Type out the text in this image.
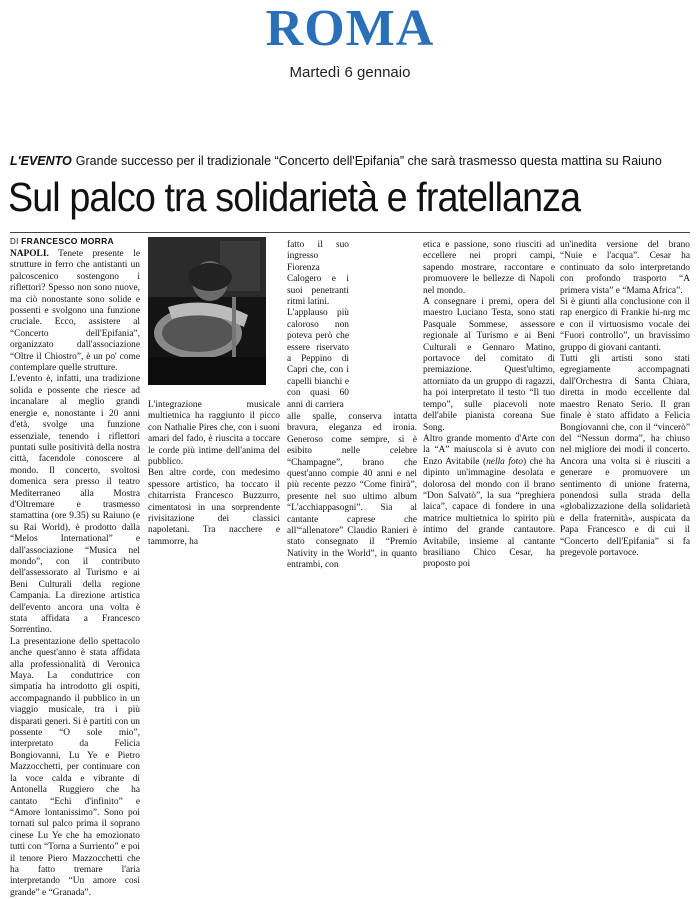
ROMA
Martedì 6 gennaio
L'EVENTO Grande successo per il tradizionale “Concerto dell'Epifania” che sarà trasmesso questa mattina su Raiuno
Sul palco tra solidarietà e fratellanza
DI FRANCESCO MORRA

NAPOLI. Tenete presente le strutture in ferro che antistanti un palcoscenico sostengono i riflettori? Spesso non sono nuove, ma ciò nonostante sono solide e possenti e svolgono una funzione cruciale. Ecco, assistere al “Concerto dell'Epifania”, organizzato dall'associazione “Oltre il Chiostro”, è un po' come contemplare quelle strutture.

L'evento è, infatti, una tradizione solida e possente che riesce ad incanalare al meglio grandi energie e, nonostante i 20 anni d'età, svolge una funzione essenziale, tenendo i riflettori puntati sulle positività della nostra città, facendole conoscere al mondo. Il concerto, svoltosi domenica sera presso il teatro Mediterraneo alla Mostra d'Oltremare e trasmesso stamattina (ore 9.35) su Raiuno (e su Rai World), è prodotto dalla “Melos International” e dall'associazione “Musica nel mondo”, con il contributo dell'assessorato al Turismo e ai Beni Culturali della regione Campania. La direzione artistica dell'evento ancora una volta è stata affidata a Francesco Sorrentino.

La presentazione dello spettacolo anche quest'anno è stata affidata alla professionalità di Veronica Maya. La conduttrice con simpatia ha introdotto gli ospiti, accompagnando il pubblico in un viaggio musicale, tra i più disparati generi. Si è partiti con un possente “O sole mio”, interpretato da Felicia Bongiovanni, Lu Ye e Pietro Mazzocchetti, per continuare con la voce calda e vibrante di Antonella Ruggiero che ha cantato “Echi d'infinito” e “Amore lontanissimo”. Sono poi tornati sul palco prima il soprano cinese Lu Ye che ha emozionato tutti con “Torna a Surriento” e poi il tenore Piero Mazzocchetti che ha fatto tremare l'aria interpretando “Un amore così grande” e “Granada”.

fatto il suo ingresso Fiorenza Calogero e i suoi penetranti ritmi latini.

L'applauso più caloroso non poteva però che essere riservato a Peppino di Capri che, con i capelli bianchi e con quasi 60 anni di carriera

L'integrazione musicale multietnica ha raggiunto il picco con Nathalie Pires che, con i suoni amari del fado, è riuscita a toccare le corde più intime dell'anima del pubblico.

Ben altre corde, con medesimo spessore artistico, ha toccato il chitarrista Francesco Buzzurro, cimentatosi in una sorprendente rivisitazione dei classici napoletani. Tra nacchere e tammorre, ha

alle spalle, conserva intatta bravura, eleganza ed ironia. Generoso come sempre, si è esibito nelle celebre “Champagne”, brano che quest'anno compie 40 anni e nel più recente pezzo “Come finirà”, presente nel suo ultimo album “L'acchiappasogni”. Sia al cantante caprese che all'“allenatore” Claudio Ranieri è stato consegnato il “Premio Nativity in the World”, in quanto entrambi, con

etica e passione, sono riusciti ad eccellere nei propri campi, sapendo mostrare, raccontare e promuovere le bellezze di Napoli nel mondo.

A consegnare i premi, opera del maestro Luciano Testa, sono stati Pasquale Sommese, assessore regionale al Turismo e ai Beni Culturali e Gennaro Matino, portavoce del comitato di premiazione. Quest'ultimo, attorniato da un gruppo di ragazzi, ha poi interpretato il testo “Il tuo tempo”, sulle piacevoli note dell'abile pianista coreana Sue Song.

Altro grande momento d'Arte con la “A” maiuscola si è avuto con Enzo Avitabile (nella foto) che ha dipinto un'immagine desolata e dolorosa del mondo con il brano “Don Salvatò”, la sua “preghiera laica”, capace di fondere in una matrice multietnica lo spirito più intimo del grande cantautore. Avitabile, insieme al cantante brasiliano Chico Cesar, ha proposto poi

un'inedita versione del brano “Nuie e l'acqua”. Cesar ha continuato da solo interpretando con profondo trasporto “A primera vista” e “Mama Africa”.

Si è giunti alla conclusione con il rap energico di Frankie hi-nrg mc e con il virtuosismo vocale dei “Fuori controllo”, un bravissimo gruppo di giovani cantanti.

Tutti gli artisti sono stati egregiamente accompagnati dall'Orchestra di Santa Chiara, diretta in modo eccellente dal maestro Renato Serio. Il gran finale è stato affidato a Felicia Bongiovanni che, con il “vincerò” del “Nessun dorma”, ha chiuso nel migliore dei modi il concerto. Ancora una volta si è riusciti a generare e promuovere un sentimento di unione fraterna, ponendosi sulla strada della «globalizzazione della solidarietà e della fraternità», auspicata da Papa Francesco e di cui il “Concerto dell'Epifania” si fa pregevole portavoce.
